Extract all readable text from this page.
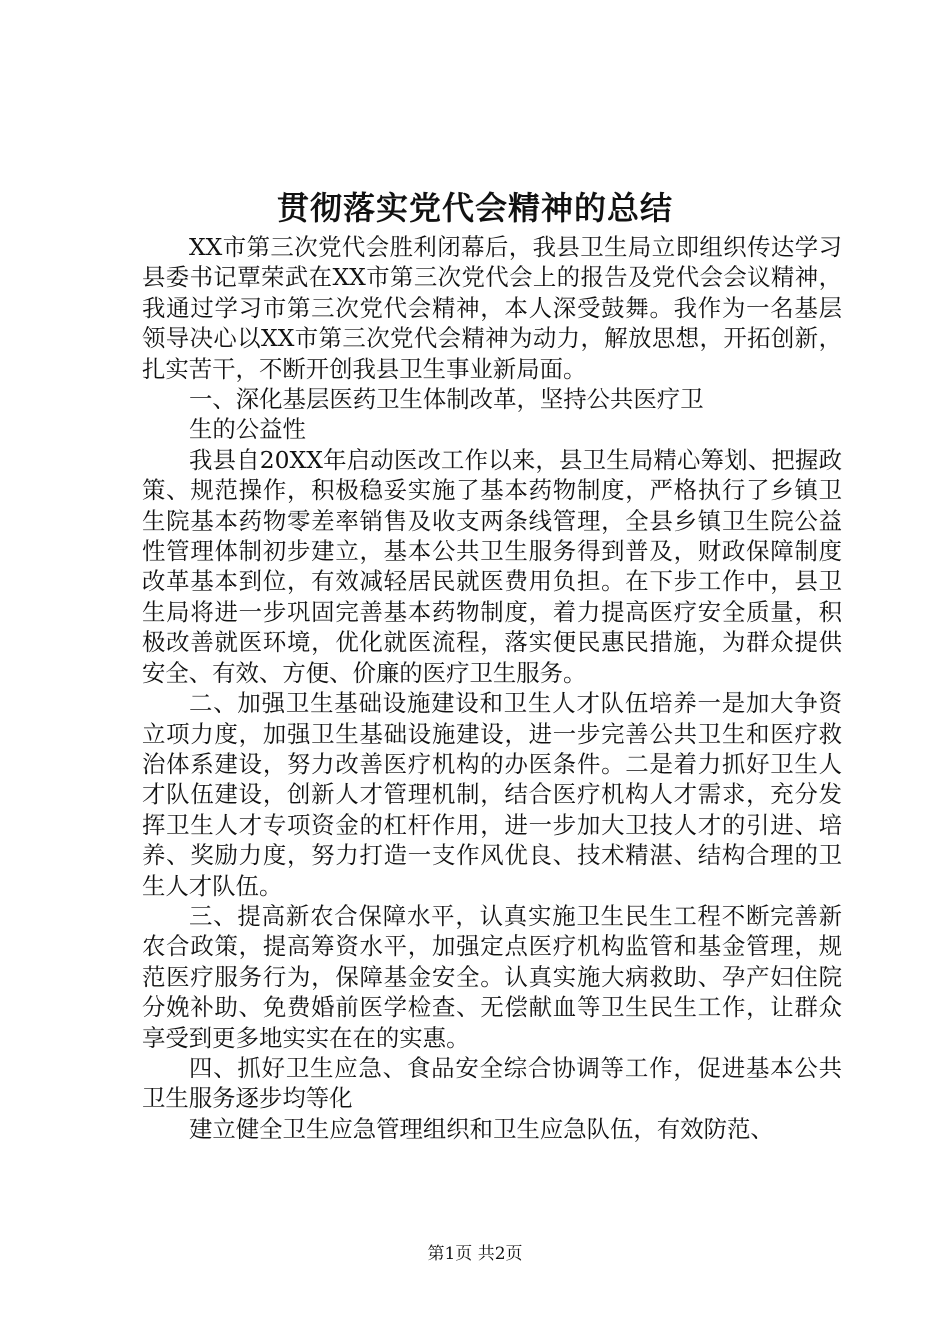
贯彻落实党代会精神的总结

XX市第三次党代会胜利闭幕后，我县卫生局立即组织传达学习县委书记覃荣武在XX市第三次党代会上的报告及党代会会议精神，我通过学习市第三次党代会精神，本人深受鼓舞。我作为一名基层领导决心以XX市第三次党代会精神为动力，解放思想，开拓创新，扎实苦干，不断开创我县卫生事业新局面。

一、深化基层医药卫生体制改革，坚持公共医疗卫

生的公益性

我县自20XX年启动医改工作以来，县卫生局精心筹划、把握政策、规范操作，积极稳妥实施了基本药物制度，严格执行了乡镇卫生院基本药物零差率销售及收支两条线管理，全县乡镇卫生院公益性管理体制初步建立，基本公共卫生服务得到普及，财政保障制度改革基本到位，有效减轻居民就医费用负担。在下步工作中，县卫生局将进一步巩固完善基本药物制度，着力提高医疗安全质量，积极改善就医环境，优化就医流程，落实便民惠民措施，为群众提供安全、有效、方便、价廉的医疗卫生服务。

二、加强卫生基础设施建设和卫生人才队伍培养一是加大争资立项力度，加强卫生基础设施建设，进一步完善公共卫生和医疗救治体系建设，努力改善医疗机构的办医条件。二是着力抓好卫生人才队伍建设，创新人才管理机制，结合医疗机构人才需求，充分发挥卫生人才专项资金的杠杆作用，进一步加大卫技人才的引进、培养、奖励力度，努力打造一支作风优良、技术精湛、结构合理的卫生人才队伍。

三、提高新农合保障水平，认真实施卫生民生工程不断完善新农合政策，提高筹资水平，加强定点医疗机构监管和基金管理，规范医疗服务行为，保障基金安全。认真实施大病救助、孕产妇住院分娩补助、免费婚前医学检查、无偿献血等卫生民生工作，让群众享受到更多地实实在在的实惠。

四、抓好卫生应急、食品安全综合协调等工作，促进基本公共卫生服务逐步均等化

建立健全卫生应急管理组织和卫生应急队伍，有效防范、

第1页 共2页
